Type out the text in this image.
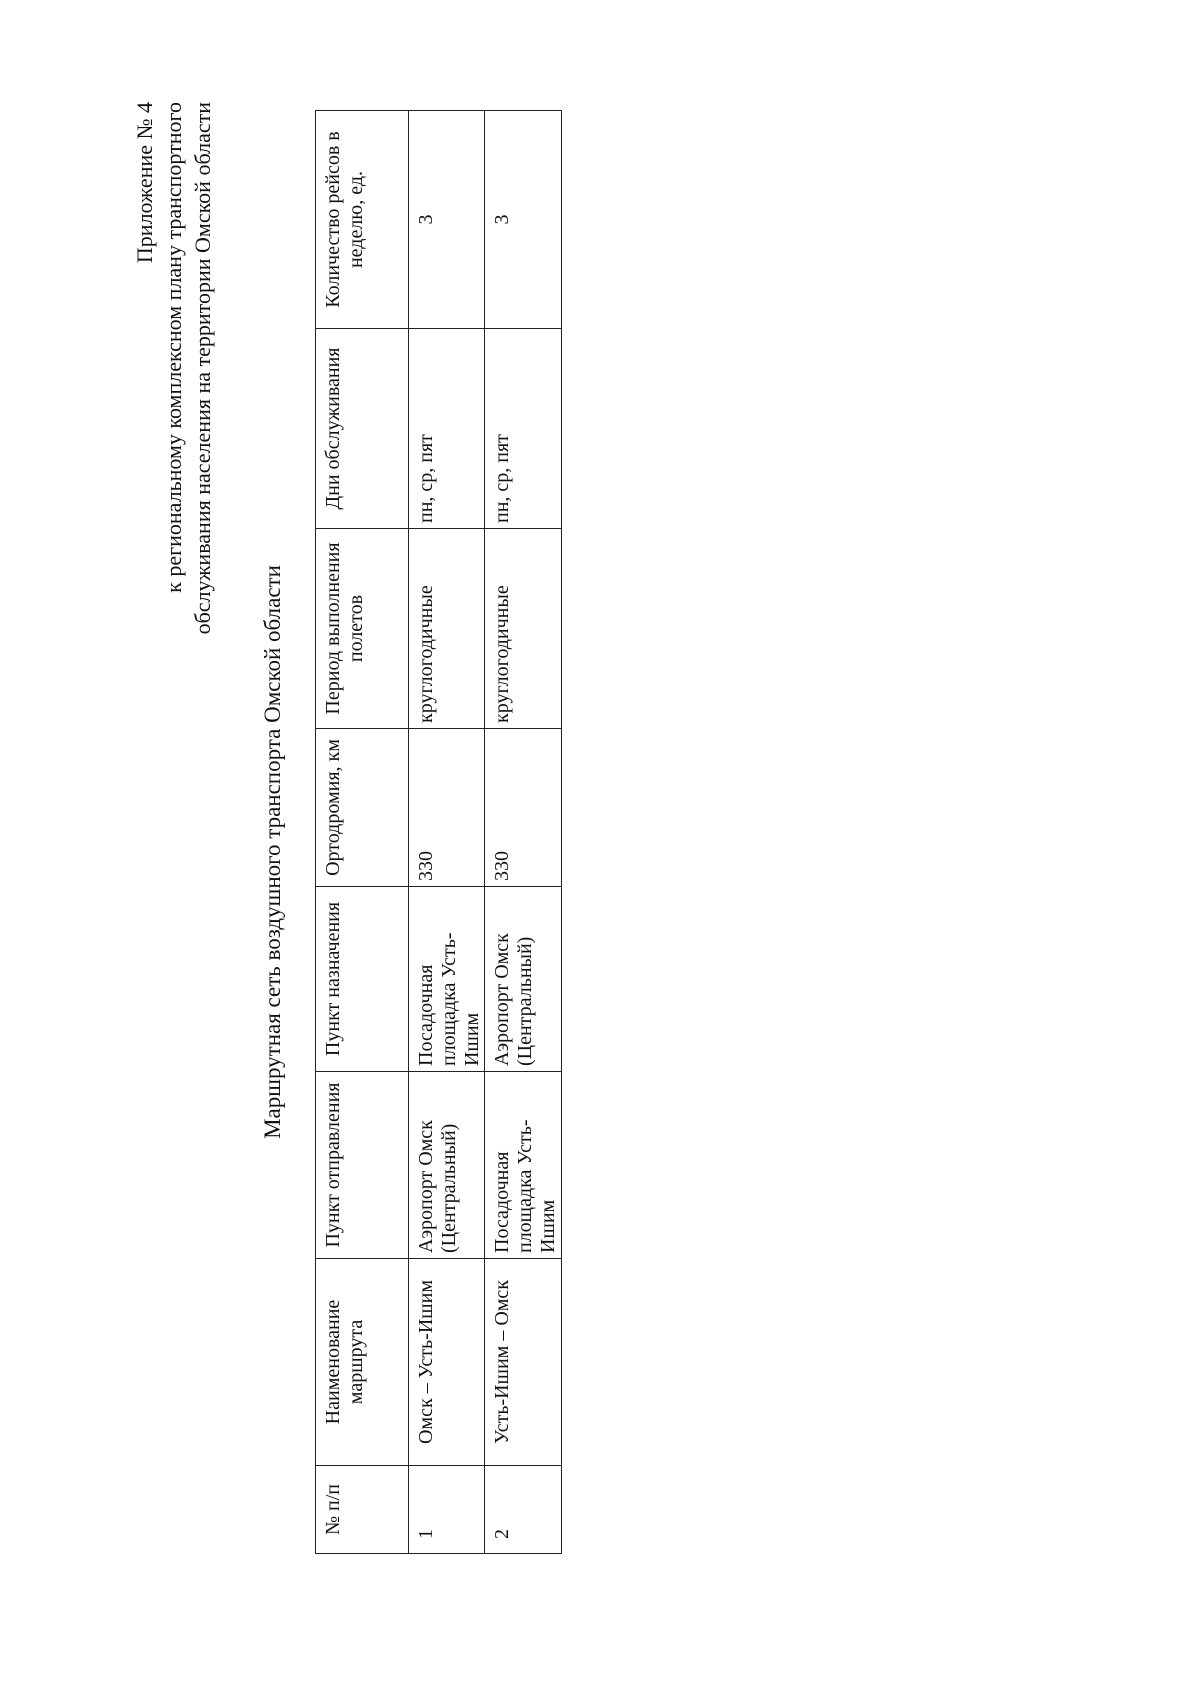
Приложение № 4 к региональному комплексном плану транспортного обслуживания населения на территории Омской области
Маршрутная сеть воздушного транспорта Омской области
№ п/п	Наименование маршрута	Пункт отправления	Пункт назначения	Ортодромия, км	Период выполнения полетов	Дни обслуживания	Количество рейсов в неделю, ед.
1	Омск – Усть-Ишим	Аэропорт Омск (Центральный)	Посадочная площадка Усть-Ишим	330	круглогодичные	пн, ср, пят	3
2	Усть-Ишим – Омск	Посадочная площадка Усть-Ишим	Аэропорт Омск (Центральный)	330	круглогодичные	пн, ср, пят	3
